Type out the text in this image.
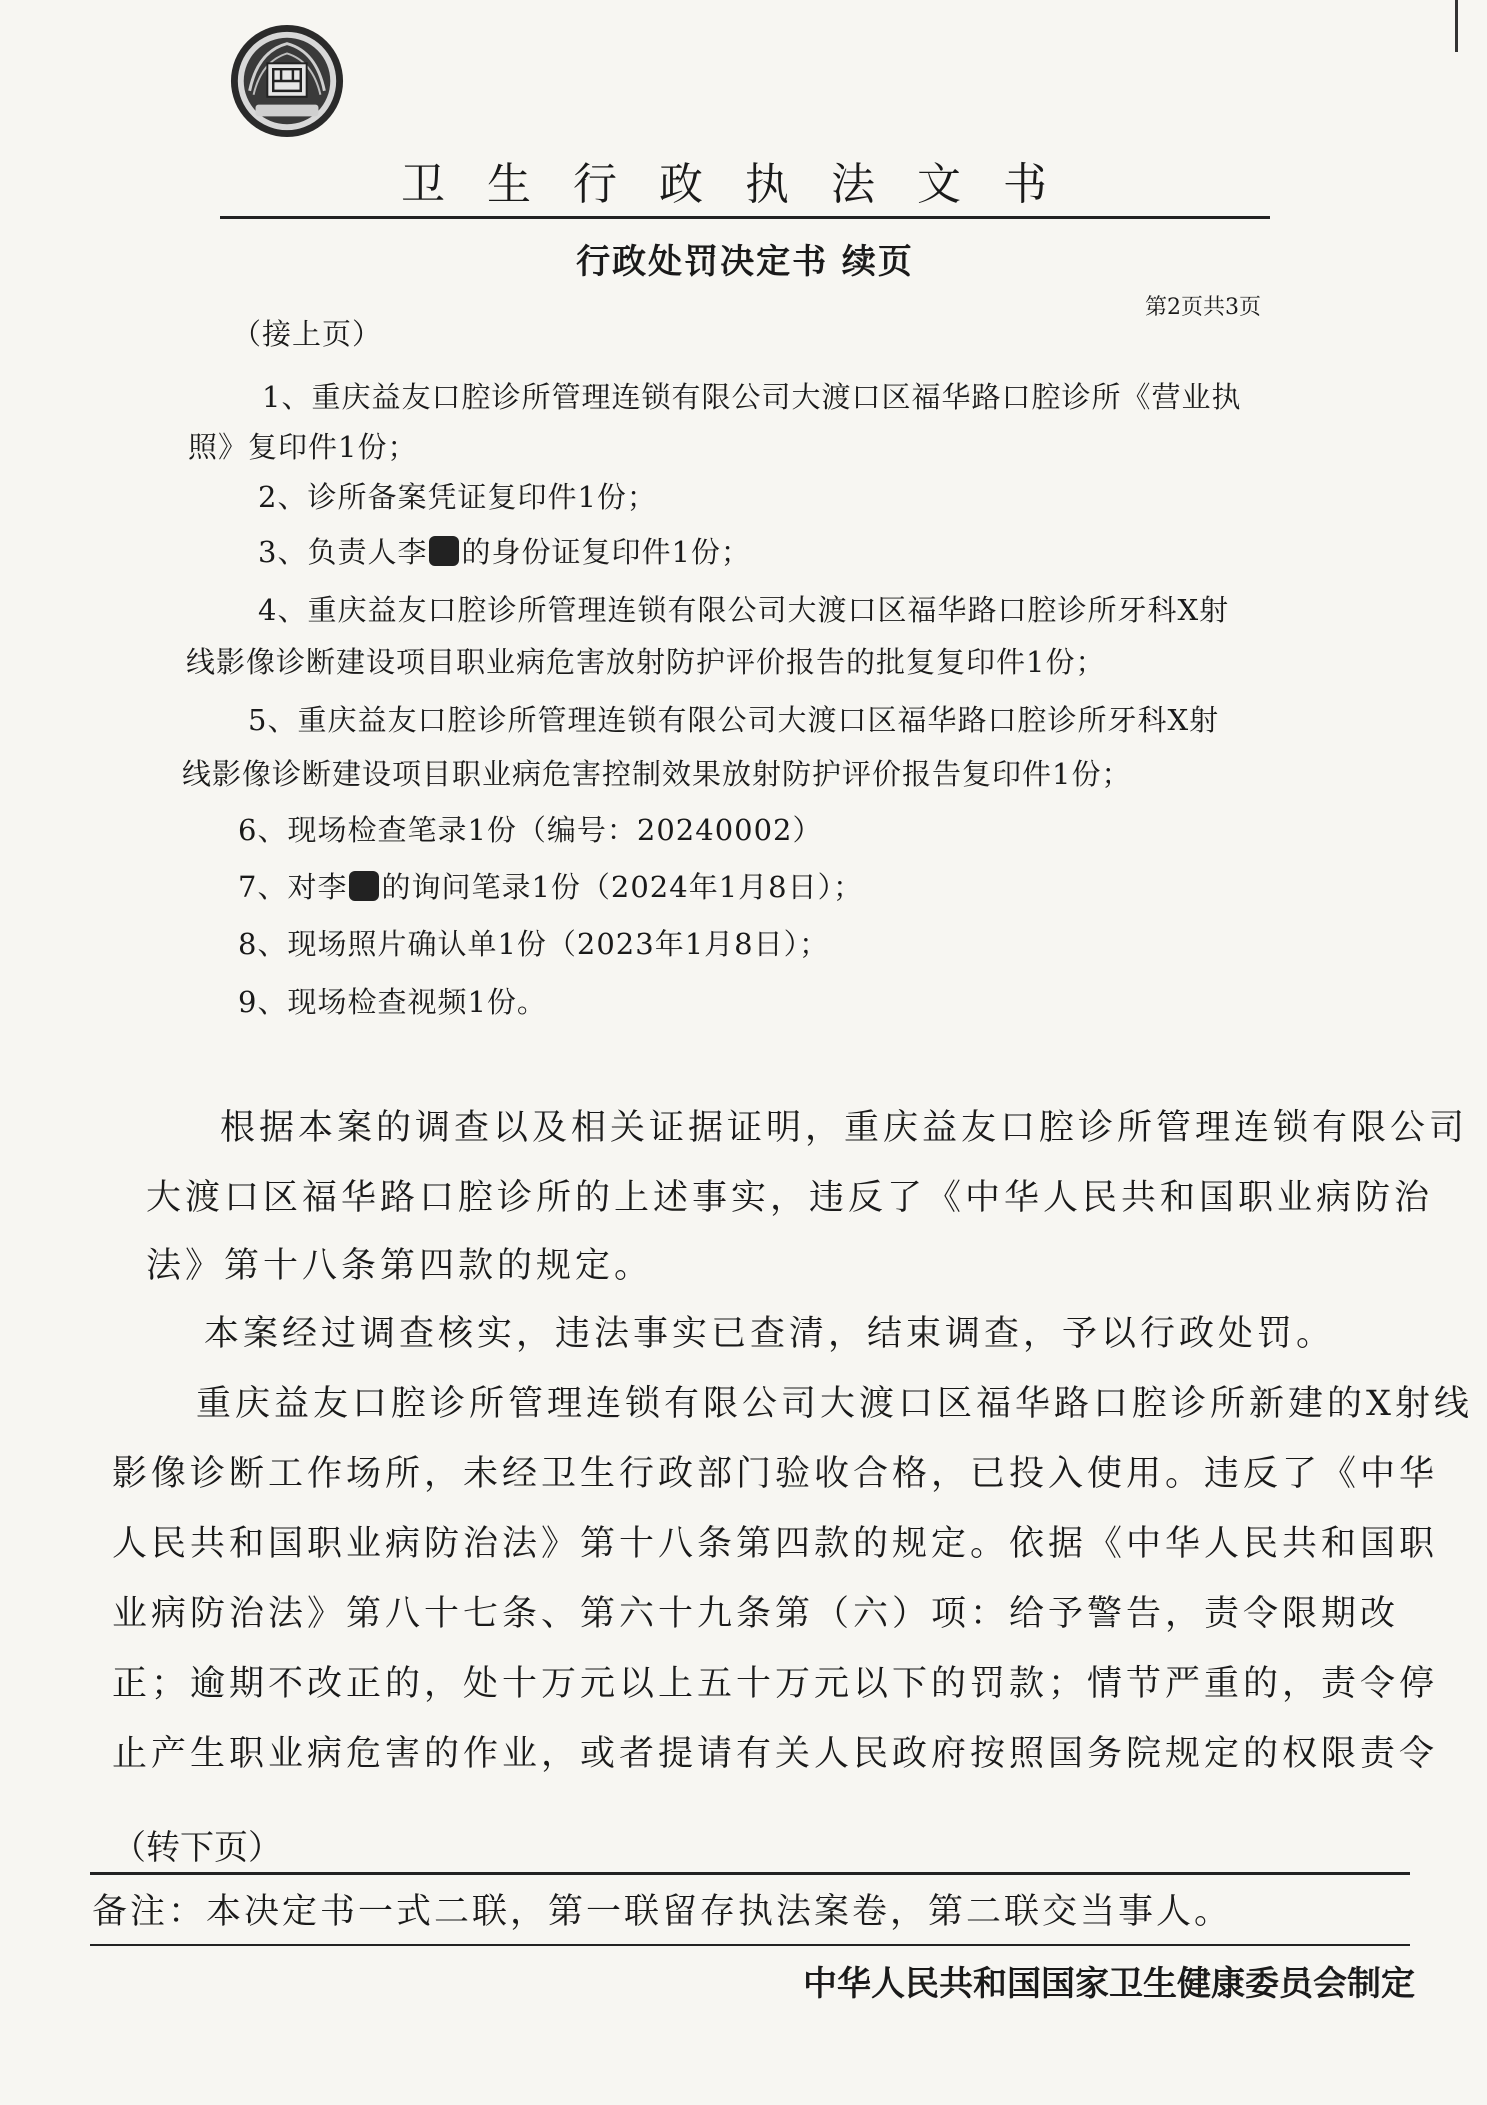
卫生行政执法文书
行政处罚决定书 续页
第2页共3页
（接上页）
1、重庆益友口腔诊所管理连锁有限公司大渡口区福华路口腔诊所《营业执
照》复印件1份；
2、诊所备案凭证复印件1份；
3、负责人李 的身份证复印件1份；
4、重庆益友口腔诊所管理连锁有限公司大渡口区福华路口腔诊所牙科X射
线影像诊断建设项目职业病危害放射防护评价报告的批复复印件1份；
5、重庆益友口腔诊所管理连锁有限公司大渡口区福华路口腔诊所牙科X射
线影像诊断建设项目职业病危害控制效果放射防护评价报告复印件1份；
6、现场检查笔录1份（编号：20240002）
7、对李 的询问笔录1份（2024年1月8日）；
8、现场照片确认单1份（2023年1月8日）；
9、现场检查视频1份。
根据本案的调查以及相关证据证明，重庆益友口腔诊所管理连锁有限公司
大渡口区福华路口腔诊所的上述事实，违反了《中华人民共和国职业病防治
法》第十八条第四款的规定。
本案经过调查核实，违法事实已查清，结束调查，予以行政处罚。
重庆益友口腔诊所管理连锁有限公司大渡口区福华路口腔诊所新建的X射线
影像诊断工作场所，未经卫生行政部门验收合格，已投入使用。违反了《中华
人民共和国职业病防治法》第十八条第四款的规定。依据《中华人民共和国职
业病防治法》第八十七条、第六十九条第（六）项：给予警告，责令限期改
正；逾期不改正的，处十万元以上五十万元以下的罚款；情节严重的，责令停
止产生职业病危害的作业，或者提请有关人民政府按照国务院规定的权限责令
（转下页）
备注：本决定书一式二联，第一联留存执法案卷，第二联交当事人。
中华人民共和国国家卫生健康委员会制定
